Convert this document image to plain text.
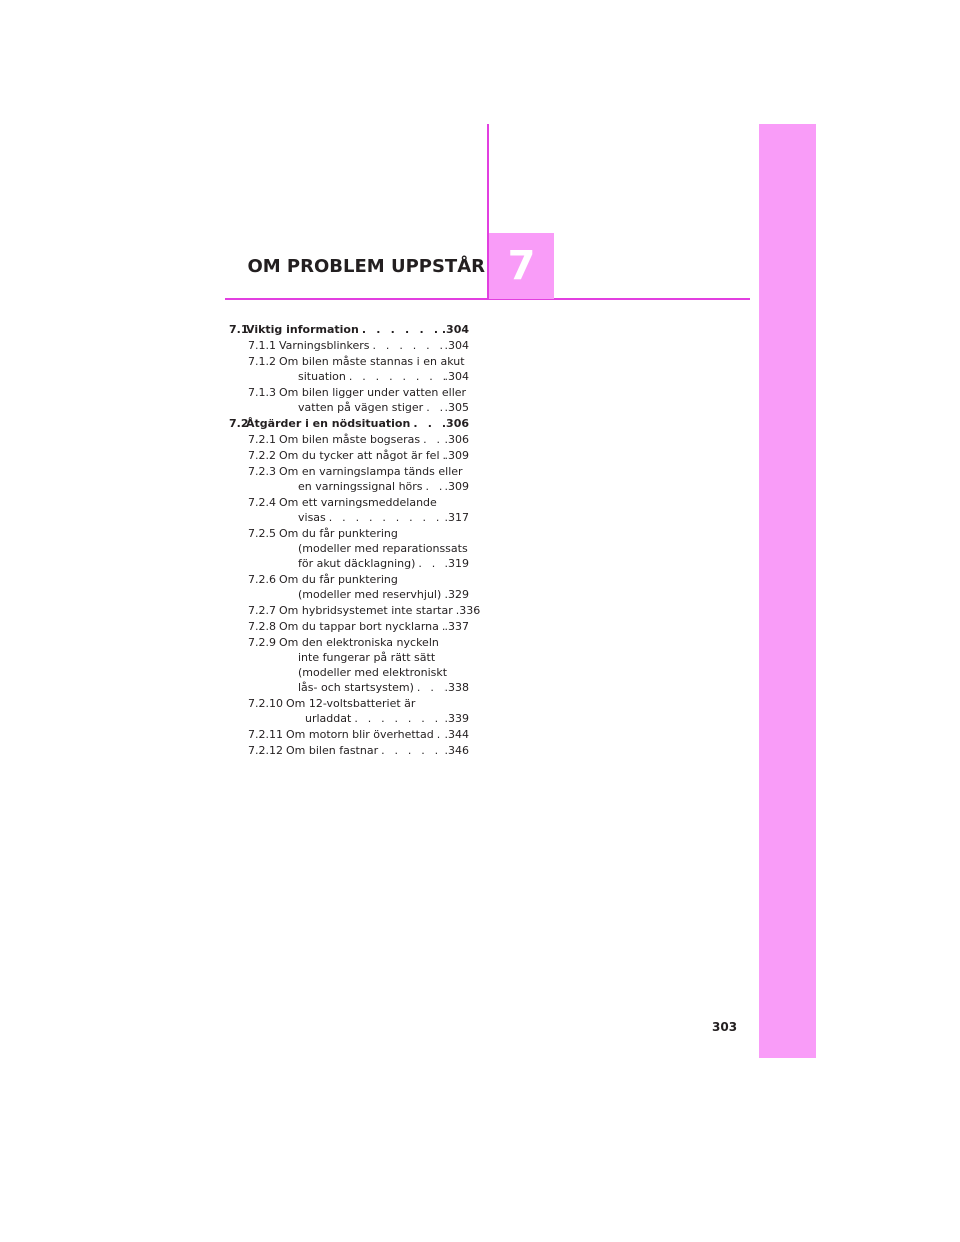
OM PROBLEM UPPSTÅR 7
7.1
Viktig information . . .	.304
7.1.1 Varningsblinkers . . .	.304
7.1.2 Om bilen måste stannas i en akut
situation . . .	.304
7.1.3 Om bilen ligger under vatten eller
vatten på vägen stiger . . . .305
7.2
Åtgärder i en nödsituation . . .	.306
7.2.1 Om bilen måste bogseras . . . .306
7.2.2 Om du tycker att något är fel . . . .309
7.2.3 Om en varningslampa tänds eller
en varningssignal hörs . . . .309
7.2.4 Om ett varningsmeddelande
visas . . .	.317
7.2.5 Om du får punktering
(modeller med reparationssats
för akut däcklagning) . . .	.319
7.2.6 Om du får punktering
(modeller med reservhjul) . . . .329
7.2.7 Om hybridsystemet inte startar .336
7.2.8 Om du tappar bort nycklarna . . . .337
7.2.9 Om den elektroniska nyckeln
inte fungerar på rätt sätt
(modeller med elektroniskt
lås- och startsystem) . . .	.338
7.2.10 Om 12-voltsbatteriet är
urladdat . . .	.339
7.2.11 Om motorn blir överhettad . . . .344
7.2.12 Om bilen fastnar . . .	.346
303
